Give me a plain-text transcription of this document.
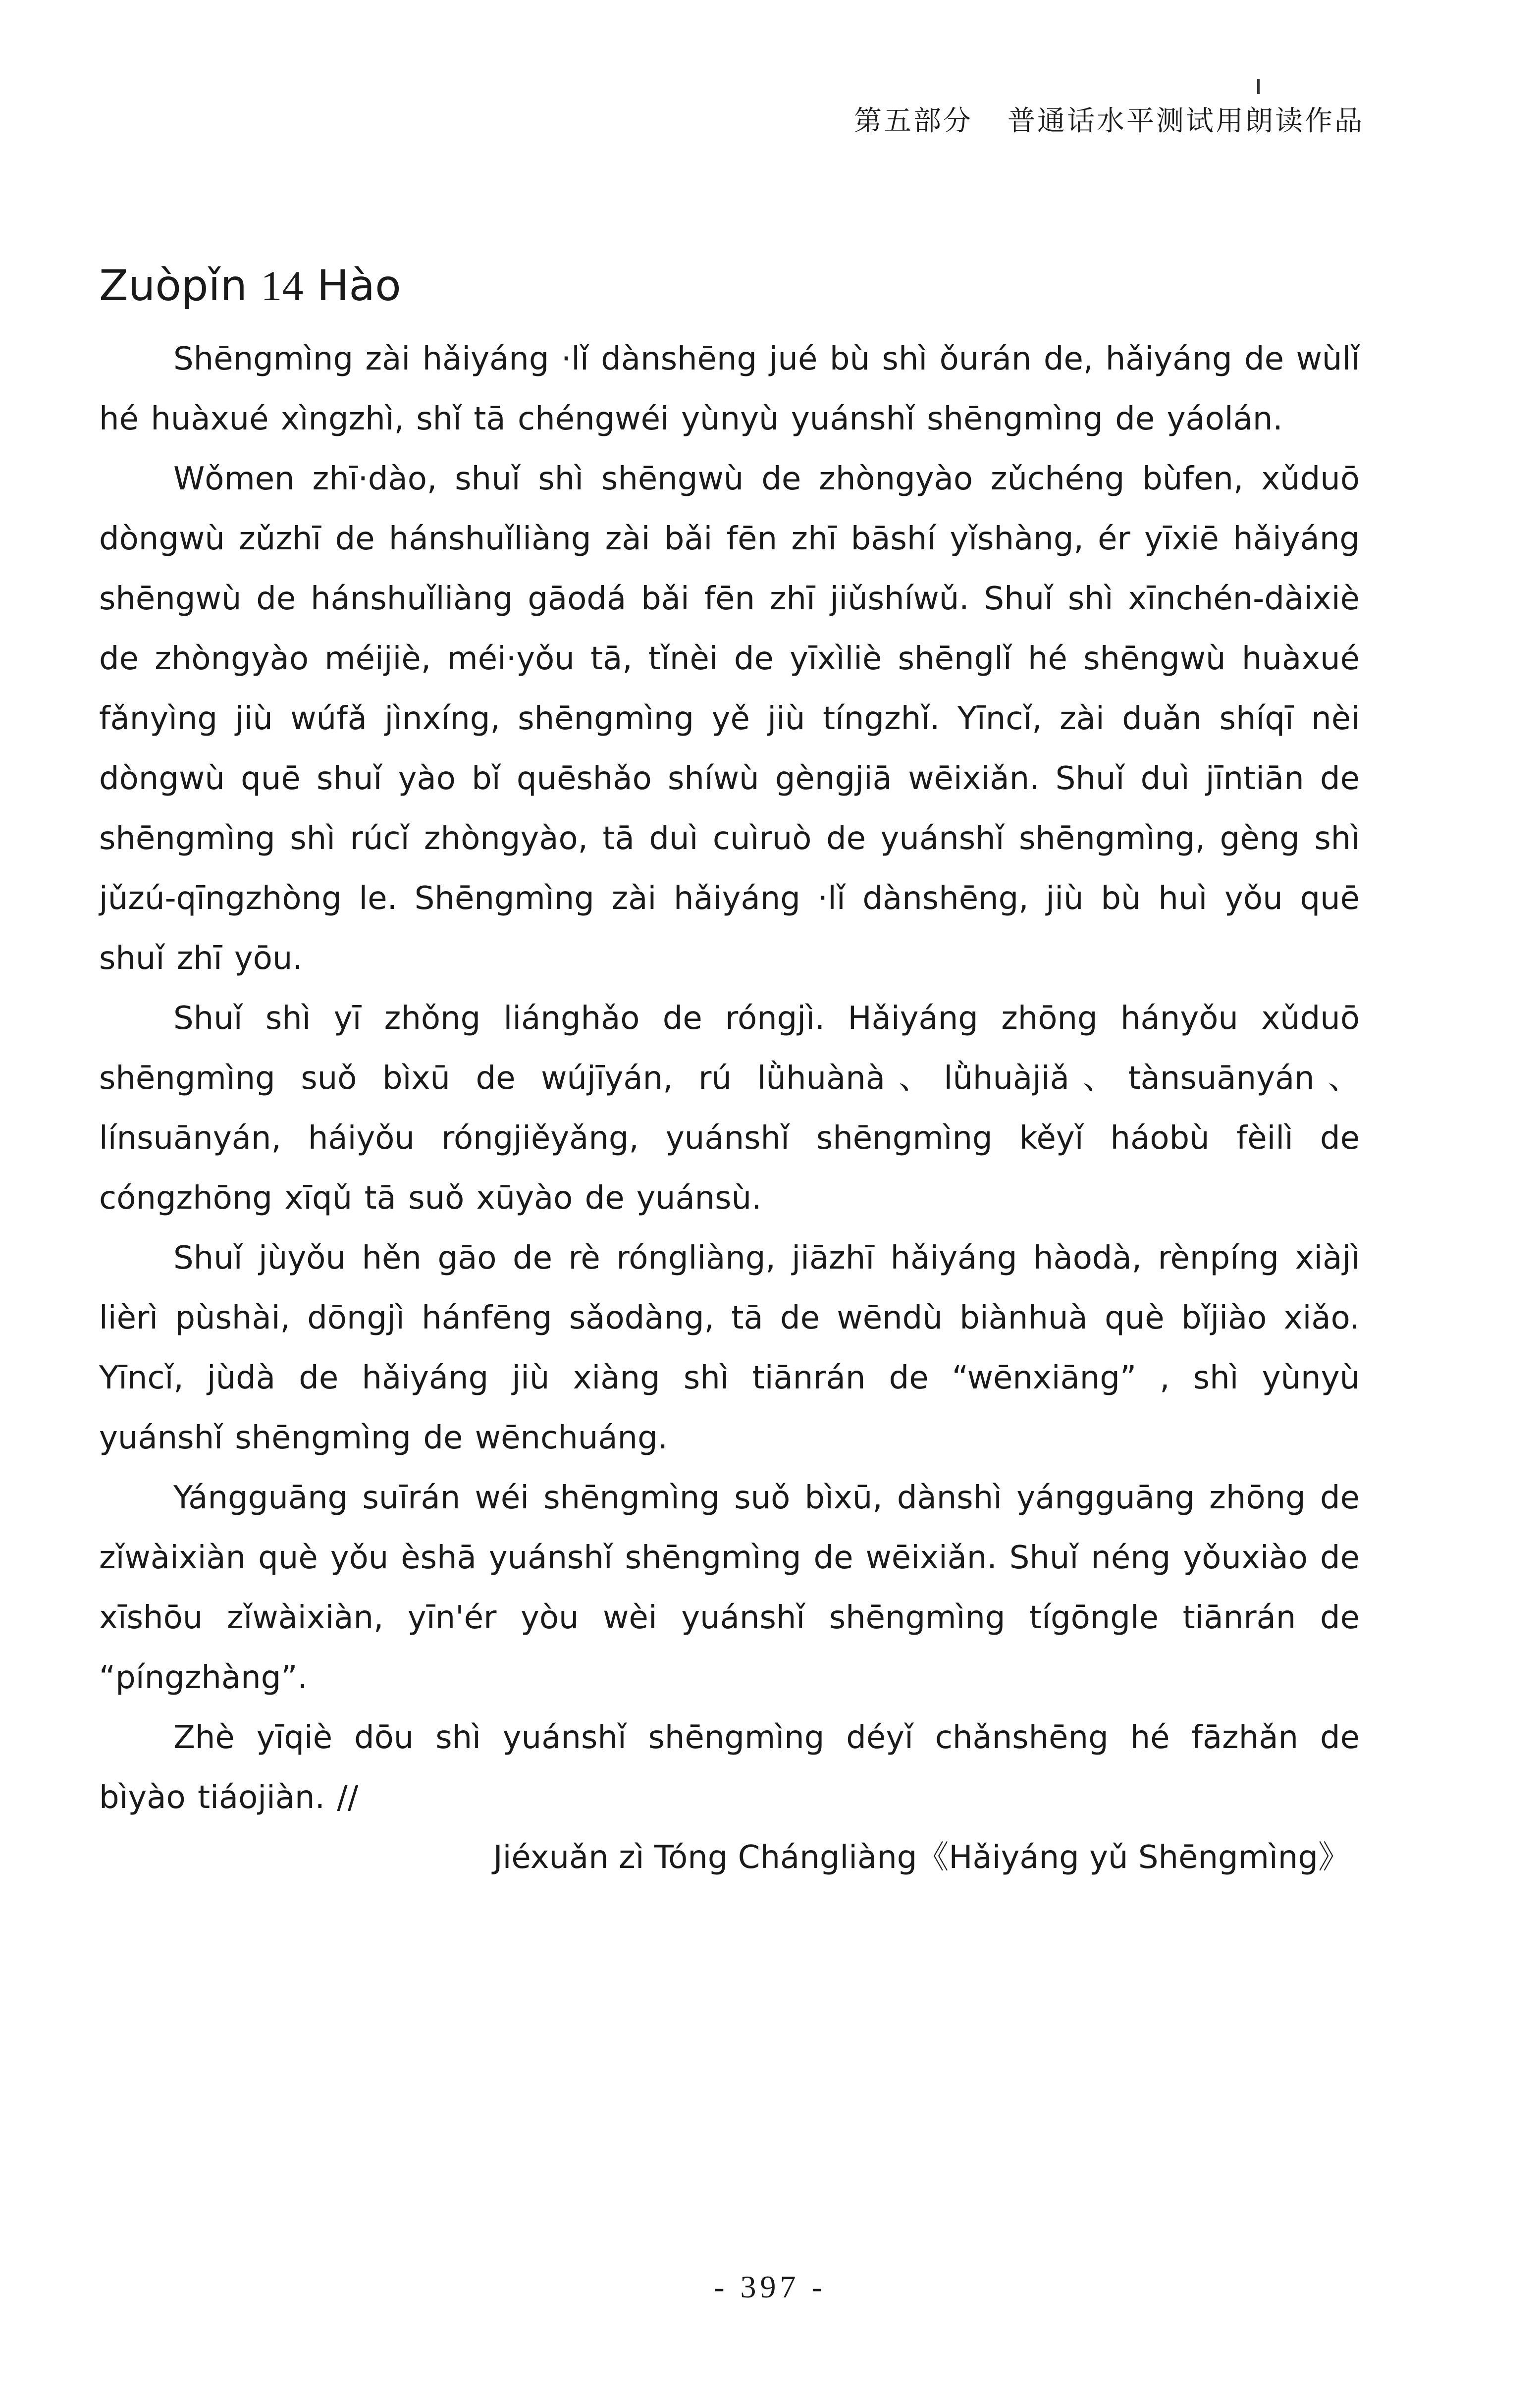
第五部分 普通话水平测试用朗读作品
Zuòpǐn 14 Hào

Shēngmìng zài hǎiyáng ·lǐ dànshēng jué bù shì ǒurán de, hǎiyáng de wùlǐ hé huàxué xìngzhì, shǐ tā chéngwéi yùnyù yuánshǐ shēngmìng de yáolán.

Wǒmen zhī·dào, shuǐ shì shēngwù de zhòngyào zǔchéng bùfen, xǔduō dòngwù zǔzhī de hánshuǐliàng zài bǎi fēn zhī bāshí yǐshàng, ér yīxiē hǎiyáng shēngwù de hánshuǐliàng gāodá bǎi fēn zhī jiǔshíwǔ. Shuǐ shì xīnchén-dàixiè de zhòngyào méijiè, méi·yǒu tā, tǐnèi de yīxìliè shēnglǐ hé shēngwù huàxué fǎnyìng jiù wúfǎ jìnxíng, shēngmìng yě jiù tíngzhǐ. Yīncǐ, zài duǎn shíqī nèi dòngwù quē shuǐ yào bǐ quēshǎo shíwù gèngjiā wēixiǎn. Shuǐ duì jīntiān de shēngmìng shì rúcǐ zhòngyào, tā duì cuìruò de yuánshǐ shēngmìng, gèng shì jǔzú-qīngzhòng le. Shēngmìng zài hǎiyáng ·lǐ dànshēng, jiù bù huì yǒu quē shuǐ zhī yōu.

Shuǐ shì yī zhǒng liánghǎo de róngjì. Hǎiyáng zhōng hányǒu xǔduō shēngmìng suǒ bìxū de wújīyán, rú lǜhuànà、lǜhuàjiǎ、tànsuānyán、línsuānyán, háiyǒu róngjiěyǎng, yuánshǐ shēngmìng kěyǐ háobù fèilì de cóngzhōng xīqǔ tā suǒ xūyào de yuánsù.

Shuǐ jùyǒu hěn gāo de rè róngliàng, jiāzhī hǎiyáng hàodà, rènpíng xiàjì lièrì pùshài, dōngjì hánfēng sǎodàng, tā de wēndù biànhuà què bǐjiào xiǎo. Yīncǐ, jùdà de hǎiyáng jiù xiàng shì tiānrán de “wēnxiāng” , shì yùnyù yuánshǐ shēngmìng de wēnchuáng.

Yángguāng suīrán wéi shēngmìng suǒ bìxū, dànshì yángguāng zhōng de zǐwàixiàn què yǒu èshā yuánshǐ shēngmìng de wēixiǎn. Shuǐ néng yǒuxiào de xīshōu zǐwàixiàn, yīn'ér yòu wèi yuánshǐ shēngmìng tígōngle tiānrán de “píngzhàng”.

Zhè yīqiè dōu shì yuánshǐ shēngmìng déyǐ chǎnshēng hé fāzhǎn de bìyào tiáojiàn. //

Jiéxuǎn zì Tóng Chángliàng《Hǎiyáng yǔ Shēngmìng》

- 397 -
